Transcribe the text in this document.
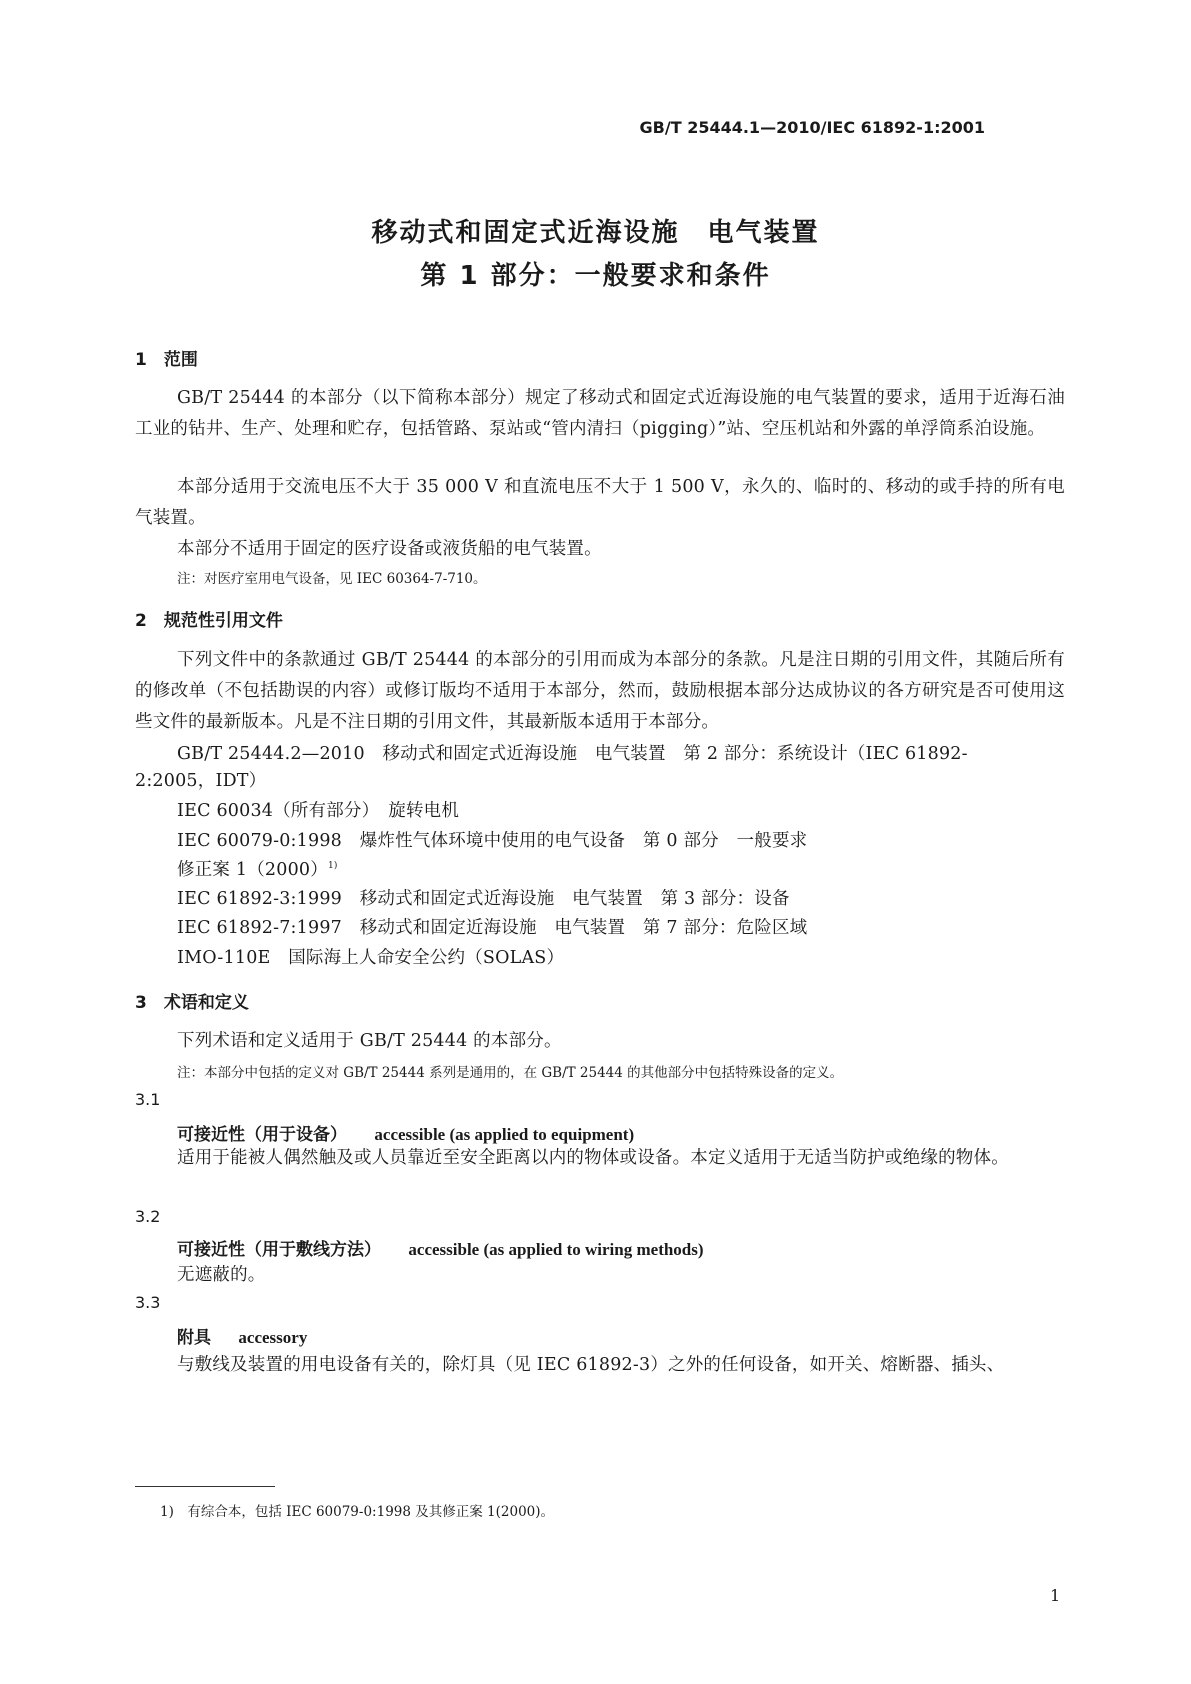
GB/T 25444.1—2010/IEC 61892-1:2001
移动式和固定式近海设施　电气装置
第 1 部分：一般要求和条件
1　范围
GB/T 25444 的本部分（以下简称本部分）规定了移动式和固定式近海设施的电气装置的要求，适用于近海石油工业的钻井、生产、处理和贮存，包括管路、泵站或“管内清扫（pigging）”站、空压机站和外露的单浮筒系泊设施。
本部分适用于交流电压不大于 35 000 V 和直流电压不大于 1 500 V，永久的、临时的、移动的或手持的所有电气装置。
本部分不适用于固定的医疗设备或液货船的电气装置。
注：对医疗室用电气设备，见 IEC 60364-7-710。
2　规范性引用文件
下列文件中的条款通过 GB/T 25444 的本部分的引用而成为本部分的条款。凡是注日期的引用文件，其随后所有的修改单（不包括勘误的内容）或修订版均不适用于本部分，然而，鼓励根据本部分达成协议的各方研究是否可使用这些文件的最新版本。凡是不注日期的引用文件，其最新版本适用于本部分。
GB/T 25444.2—2010　移动式和固定式近海设施　电气装置　第 2 部分：系统设计（IEC 61892-
2:2005，IDT）
IEC 60034（所有部分）　旋转电机
IEC 60079-0:1998　爆炸性气体环境中使用的电气设备　第 0 部分　一般要求
修正案 $1(2000)^{1)}$
IEC 61892-3:1999　移动式和固定式近海设施　电气装置　第 3 部分：设备
IEC 61892-7:1997　移动式和固定近海设施　电气装置　第 7 部分：危险区域
IMO-110E　国际海上人命安全公约（SOLAS）
3　术语和定义
下列术语和定义适用于 GB/T 25444 的本部分。
注：本部分中包括的定义对 GB/T 25444 系列是通用的，在 GB/T 25444 的其他部分中包括特殊设备的定义。
3.1
可接近性（用于设备） accessible (as applied to equipment)
适用于能被人偶然触及或人员靠近至安全距离以内的物体或设备。本定义适用于无适当防护或绝缘的物体。
3.2
可接近性（用于敷线方法） accessible (as applied to wiring methods)
无遮蔽的。
3.3
附具 accessory
与敷线及装置的用电设备有关的，除灯具（见 IEC 61892-3）之外的任何设备，如开关、熔断器、插头、
1)　有综合本，包括 IEC 60079-0:1998 及其修正案 1(2000)。
1
